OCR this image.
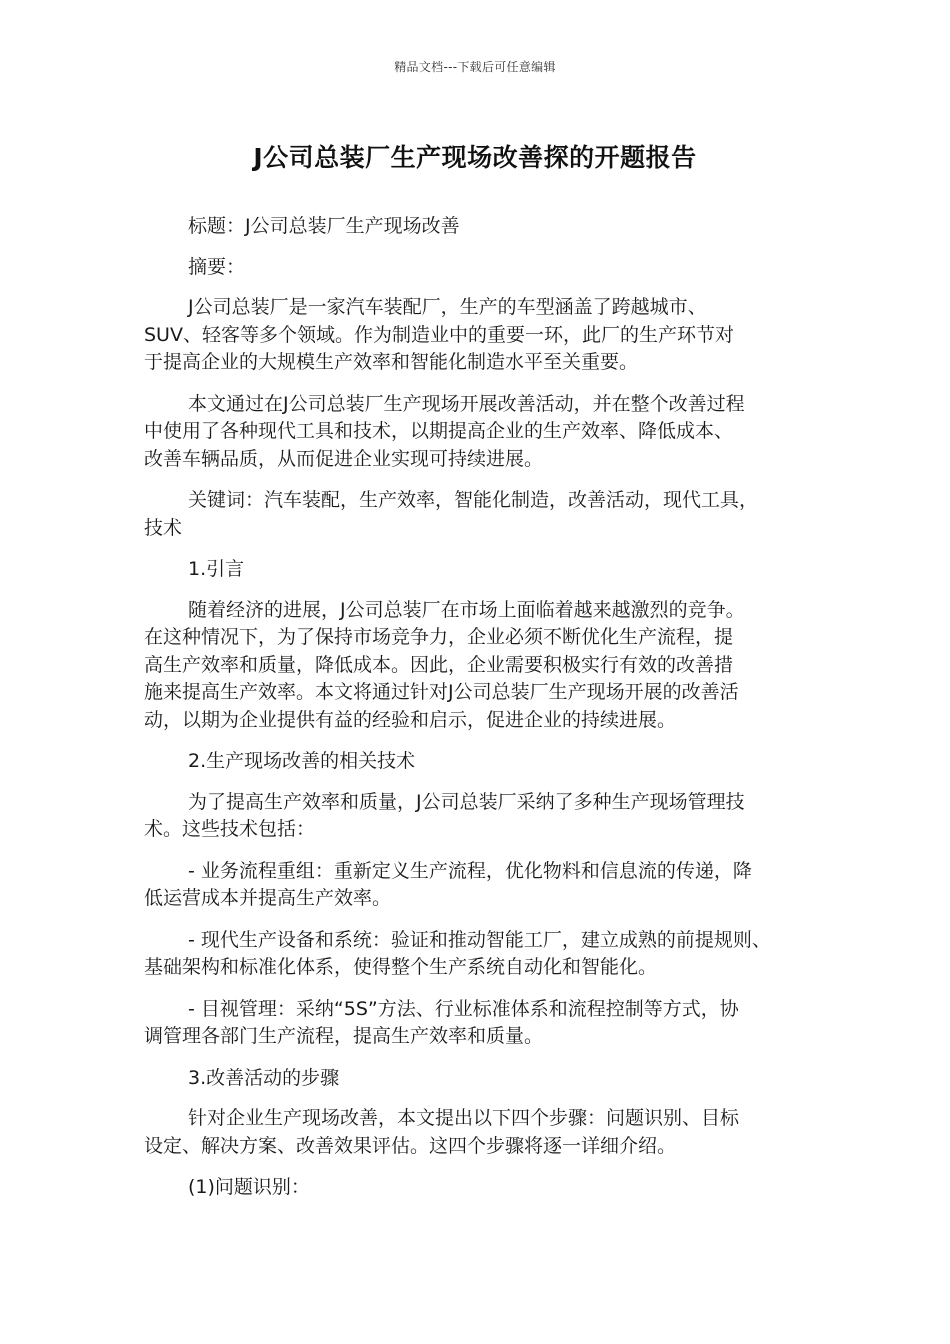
精品文档---下载后可任意编辑
J公司总装厂生产现场改善探的开题报告

标题：J公司总装厂生产现场改善

摘要：

J公司总装厂是一家汽车装配厂，生产的车型涵盖了跨越城市、
SUV、轻客等多个领域。作为制造业中的重要一环，此厂的生产环节对
于提高企业的大规模生产效率和智能化制造水平至关重要。

本文通过在J公司总装厂生产现场开展改善活动，并在整个改善过程
中使用了各种现代工具和技术，以期提高企业的生产效率、降低成本、
改善车辆品质，从而促进企业实现可持续进展。

关键词：汽车装配，生产效率，智能化制造，改善活动，现代工具，
技术

1.引言

随着经济的进展，J公司总装厂在市场上面临着越来越激烈的竞争。
在这种情况下，为了保持市场竞争力，企业必须不断优化生产流程，提
高生产效率和质量，降低成本。因此，企业需要积极实行有效的改善措
施来提高生产效率。本文将通过针对J公司总装厂生产现场开展的改善活
动，以期为企业提供有益的经验和启示，促进企业的持续进展。

2.生产现场改善的相关技术

为了提高生产效率和质量，J公司总装厂采纳了多种生产现场管理技
术。这些技术包括：

- 业务流程重组：重新定义生产流程，优化物料和信息流的传递，降
低运营成本并提高生产效率。

- 现代生产设备和系统：验证和推动智能工厂，建立成熟的前提规则、
基础架构和标准化体系，使得整个生产系统自动化和智能化。

- 目视管理：采纳“5S”方法、行业标准体系和流程控制等方式，协
调管理各部门生产流程，提高生产效率和质量。

3.改善活动的步骤

针对企业生产现场改善，本文提出以下四个步骤：问题识别、目标
设定、解决方案、改善效果评估。这四个步骤将逐一详细介绍。

(1)问题识别：
